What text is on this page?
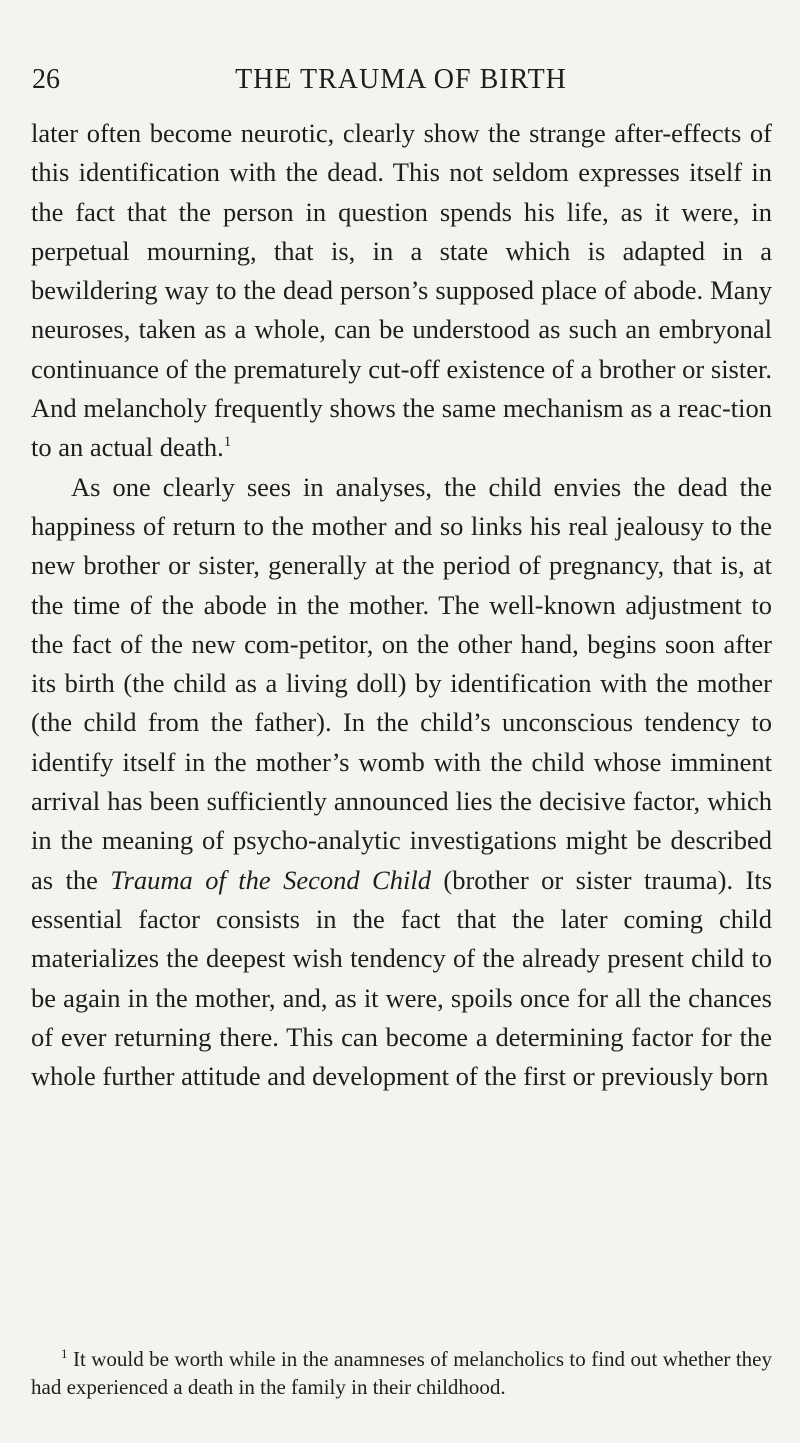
26	THE TRAUMA OF BIRTH

later often become neurotic, clearly show the strange after-effects of this identification with the dead. This not seldom expresses itself in the fact that the person in question spends his life, as it were, in perpetual mourning, that is, in a state which is adapted in a bewildering way to the dead person’s supposed place of abode. Many neuroses, taken as a whole, can be understood as such an embryonal continuance of the prematurely cut-off existence of a brother or sister. And melancholy frequently shows the same mechanism as a reac-tion to an actual death.$^1$

As one clearly sees in analyses, the child envies the dead the happiness of return to the mother and so links his real jealousy to the new brother or sister, generally at the period of pregnancy, that is, at the time of the abode in the mother. The well-known adjustment to the fact of the new com-petitor, on the other hand, begins soon after its birth (the child as a living doll) by identification with the mother (the child from the father). In the child’s unconscious tendency to identify itself in the mother’s womb with the child whose imminent arrival has been sufficiently announced lies the decisive factor, which in the meaning of psycho-analytic investigations might be described as the Trauma of the Second Child (brother or sister trauma). Its essential factor consists in the fact that the later coming child materializes the deepest wish tendency of the already present child to be again in the mother, and, as it were, spoils once for all the chances of ever returning there. This can become a determining factor for the whole further attitude and development of the first or previously born

$^1$ It would be worth while in the anamneses of melancholics to find out whether they had experienced a death in the family in their childhood.
